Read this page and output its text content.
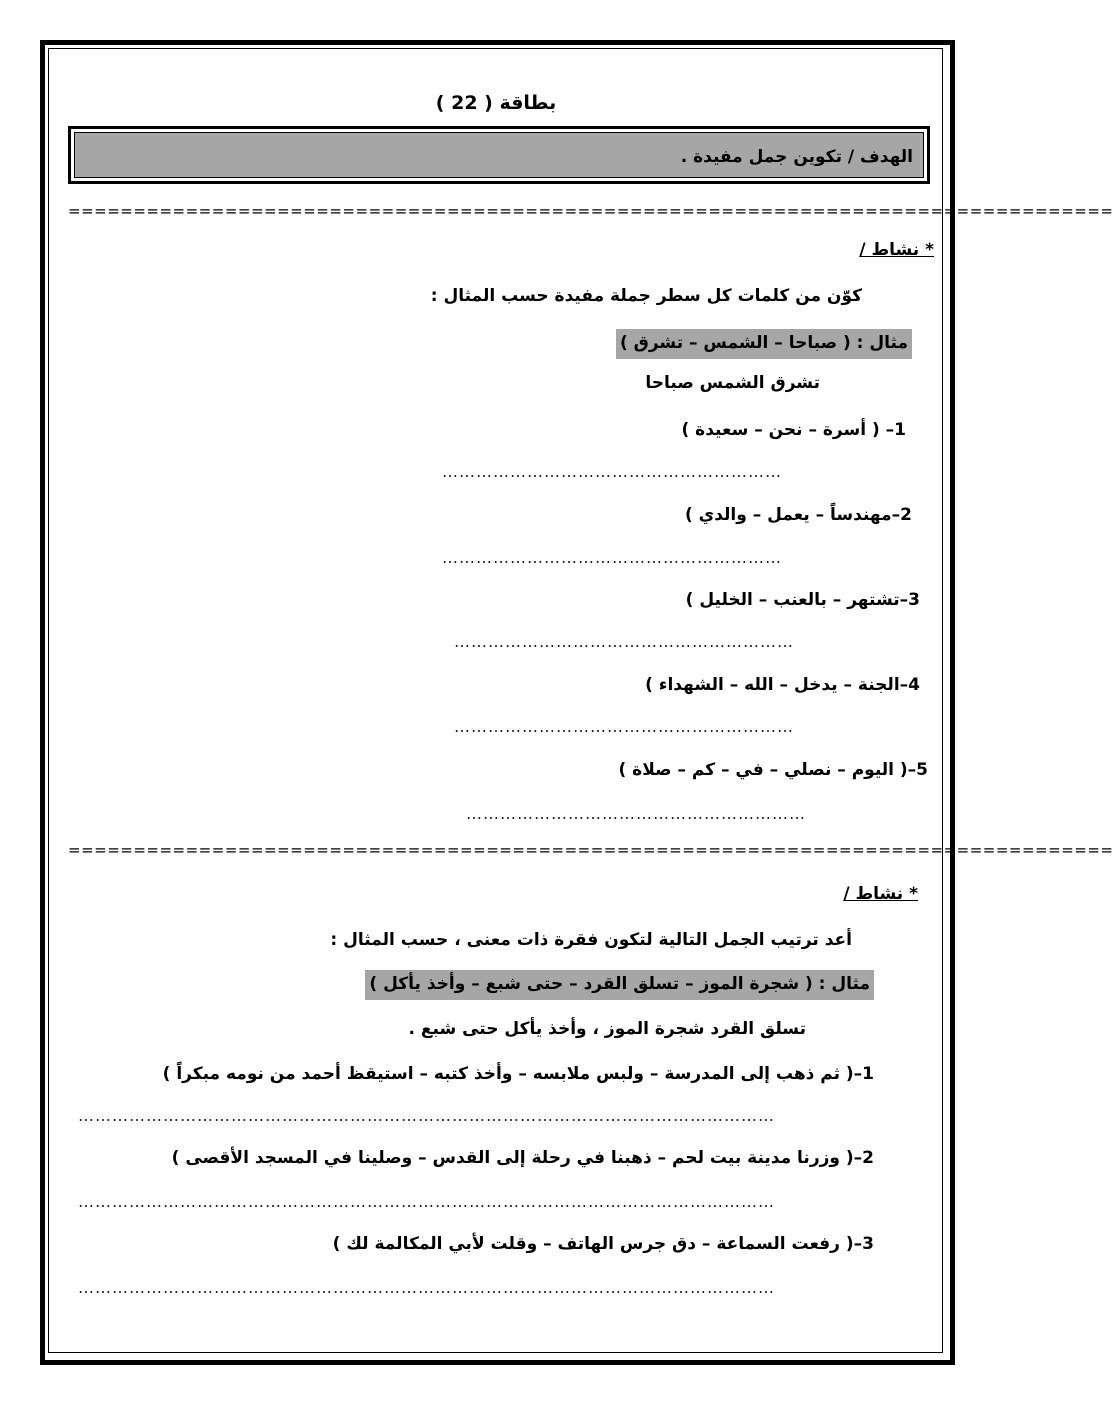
بطاقة ( 22 )
الهدف / تكوين جمل مفيدة .
================================================================================
* نشاط /
كوّن من كلمات كل سطر جملة مفيدة حسب المثال :
مثال : ( صباحا – الشمس – تشرق )
تشرق الشمس صباحا
1– ( أسرة – نحن – سعيدة )
……………………………………………………
2–مهندساً – يعمل – والدي )
……………………………………………………
3–تشتهر – بالعنب – الخليل )
……………………………………………………
4–الجنة – يدخل – الله – الشهداء )
……………………………………………………
5–( اليوم – نصلي – في – كم – صلاة )
……………………………………………………
================================================================================
* نشاط /
أعد ترتيب الجمل التالية لتكون فقرة ذات معنى ، حسب المثال :
مثال : ( شجرة الموز – تسلق القرد – حتى شبع – وأخذ يأكل )
تسلق القرد شجرة الموز ، وأخذ يأكل حتى شبع .
1–( ثم ذهب إلى المدرسة – ولبس ملابسه – وأخذ كتبه – استيقظ أحمد من نومه مبكراً )
……………………………………………………………………………………………………………
2–( وزرنا مدينة بيت لحم – ذهبنا في رحلة إلى القدس – وصلينا في المسجد الأقصى )
……………………………………………………………………………………………………………
3–( رفعت السماعة – دق جرس الهاتف – وقلت لأبي المكالمة لك )
……………………………………………………………………………………………………………
